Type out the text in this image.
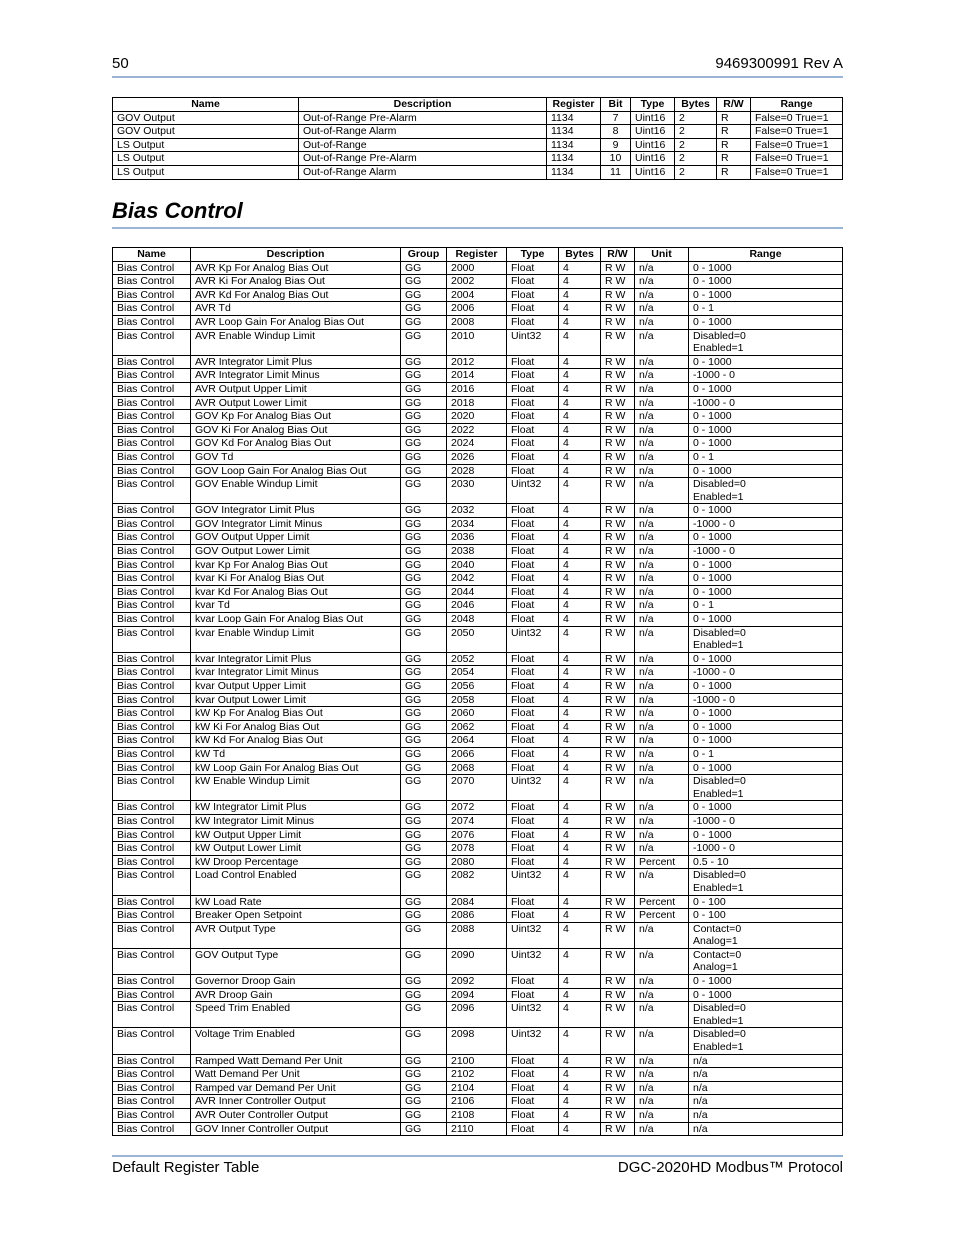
50	9469300991 Rev A
Name	Description	Register	Bit	Type	Bytes	R/W	Range
GOV Output	Out-of-Range Pre-Alarm	1134	7	Uint16	2	R	False=0 True=1
GOV Output	Out-of-Range Alarm	1134	8	Uint16	2	R	False=0 True=1
LS Output	Out-of-Range	1134	9	Uint16	2	R	False=0 True=1
LS Output	Out-of-Range Pre-Alarm	1134	10	Uint16	2	R	False=0 True=1
LS Output	Out-of-Range Alarm	1134	11	Uint16	2	R	False=0 True=1
Bias Control
Name	Description	Group	Register	Type	Bytes	R/W	Unit	Range
Bias Control	AVR Kp For Analog Bias Out	GG	2000	Float	4	R W	n/a	0 - 1000
Bias Control	AVR Ki For Analog Bias Out	GG	2002	Float	4	R W	n/a	0 - 1000
Bias Control	AVR Kd For Analog Bias Out	GG	2004	Float	4	R W	n/a	0 - 1000
Bias Control	AVR Td	GG	2006	Float	4	R W	n/a	0 - 1
Bias Control	AVR Loop Gain For Analog Bias Out	GG	2008	Float	4	R W	n/a	0 - 1000
Bias Control	AVR Enable Windup Limit	GG	2010	Uint32	4	R W	n/a	Disabled=0
Enabled=1
Bias Control	AVR Integrator Limit Plus	GG	2012	Float	4	R W	n/a	0 - 1000
Bias Control	AVR Integrator Limit Minus	GG	2014	Float	4	R W	n/a	-1000 - 0
Bias Control	AVR Output Upper Limit	GG	2016	Float	4	R W	n/a	0 - 1000
Bias Control	AVR Output Lower Limit	GG	2018	Float	4	R W	n/a	-1000 - 0
Bias Control	GOV Kp For Analog Bias Out	GG	2020	Float	4	R W	n/a	0 - 1000
Bias Control	GOV Ki For Analog Bias Out	GG	2022	Float	4	R W	n/a	0 - 1000
Bias Control	GOV Kd For Analog Bias Out	GG	2024	Float	4	R W	n/a	0 - 1000
Bias Control	GOV Td	GG	2026	Float	4	R W	n/a	0 - 1
Bias Control	GOV Loop Gain For Analog Bias Out	GG	2028	Float	4	R W	n/a	0 - 1000
Bias Control	GOV Enable Windup Limit	GG	2030	Uint32	4	R W	n/a	Disabled=0
Enabled=1
Bias Control	GOV Integrator Limit Plus	GG	2032	Float	4	R W	n/a	0 - 1000
Bias Control	GOV Integrator Limit Minus	GG	2034	Float	4	R W	n/a	-1000 - 0
Bias Control	GOV Output Upper Limit	GG	2036	Float	4	R W	n/a	0 - 1000
Bias Control	GOV Output Lower Limit	GG	2038	Float	4	R W	n/a	-1000 - 0
Bias Control	kvar Kp For Analog Bias Out	GG	2040	Float	4	R W	n/a	0 - 1000
Bias Control	kvar Ki For Analog Bias Out	GG	2042	Float	4	R W	n/a	0 - 1000
Bias Control	kvar Kd For Analog Bias Out	GG	2044	Float	4	R W	n/a	0 - 1000
Bias Control	kvar Td	GG	2046	Float	4	R W	n/a	0 - 1
Bias Control	kvar Loop Gain For Analog Bias Out	GG	2048	Float	4	R W	n/a	0 - 1000
Bias Control	kvar Enable Windup Limit	GG	2050	Uint32	4	R W	n/a	Disabled=0
Enabled=1
Bias Control	kvar Integrator Limit Plus	GG	2052	Float	4	R W	n/a	0 - 1000
Bias Control	kvar Integrator Limit Minus	GG	2054	Float	4	R W	n/a	-1000 - 0
Bias Control	kvar Output Upper Limit	GG	2056	Float	4	R W	n/a	0 - 1000
Bias Control	kvar Output Lower Limit	GG	2058	Float	4	R W	n/a	-1000 - 0
Bias Control	kW Kp For Analog Bias Out	GG	2060	Float	4	R W	n/a	0 - 1000
Bias Control	kW Ki For Analog Bias Out	GG	2062	Float	4	R W	n/a	0 - 1000
Bias Control	kW Kd For Analog Bias Out	GG	2064	Float	4	R W	n/a	0 - 1000
Bias Control	kW Td	GG	2066	Float	4	R W	n/a	0 - 1
Bias Control	kW Loop Gain For Analog Bias Out	GG	2068	Float	4	R W	n/a	0 - 1000
Bias Control	kW Enable Windup Limit	GG	2070	Uint32	4	R W	n/a	Disabled=0
Enabled=1
Bias Control	kW Integrator Limit Plus	GG	2072	Float	4	R W	n/a	0 - 1000
Bias Control	kW Integrator Limit Minus	GG	2074	Float	4	R W	n/a	-1000 - 0
Bias Control	kW Output Upper Limit	GG	2076	Float	4	R W	n/a	0 - 1000
Bias Control	kW Output Lower Limit	GG	2078	Float	4	R W	n/a	-1000 - 0
Bias Control	kW Droop Percentage	GG	2080	Float	4	R W	Percent	0.5 - 10
Bias Control	Load Control Enabled	GG	2082	Uint32	4	R W	n/a	Disabled=0
Enabled=1
Bias Control	kW Load Rate	GG	2084	Float	4	R W	Percent	0 - 100
Bias Control	Breaker Open Setpoint	GG	2086	Float	4	R W	Percent	0 - 100
Bias Control	AVR Output Type	GG	2088	Uint32	4	R W	n/a	Contact=0
Analog=1
Bias Control	GOV Output Type	GG	2090	Uint32	4	R W	n/a	Contact=0
Analog=1
Bias Control	Governor Droop Gain	GG	2092	Float	4	R W	n/a	0 - 1000
Bias Control	AVR Droop Gain	GG	2094	Float	4	R W	n/a	0 - 1000
Bias Control	Speed Trim Enabled	GG	2096	Uint32	4	R W	n/a	Disabled=0
Enabled=1
Bias Control	Voltage Trim Enabled	GG	2098	Uint32	4	R W	n/a	Disabled=0
Enabled=1
Bias Control	Ramped Watt Demand Per Unit	GG	2100	Float	4	R W	n/a	n/a
Bias Control	Watt Demand Per Unit	GG	2102	Float	4	R W	n/a	n/a
Bias Control	Ramped var Demand Per Unit	GG	2104	Float	4	R W	n/a	n/a
Bias Control	AVR Inner Controller Output	GG	2106	Float	4	R W	n/a	n/a
Bias Control	AVR Outer Controller Output	GG	2108	Float	4	R W	n/a	n/a
Bias Control	GOV Inner Controller Output	GG	2110	Float	4	R W	n/a	n/a
Default Register Table	DGC-2020HD Modbus™ Protocol
